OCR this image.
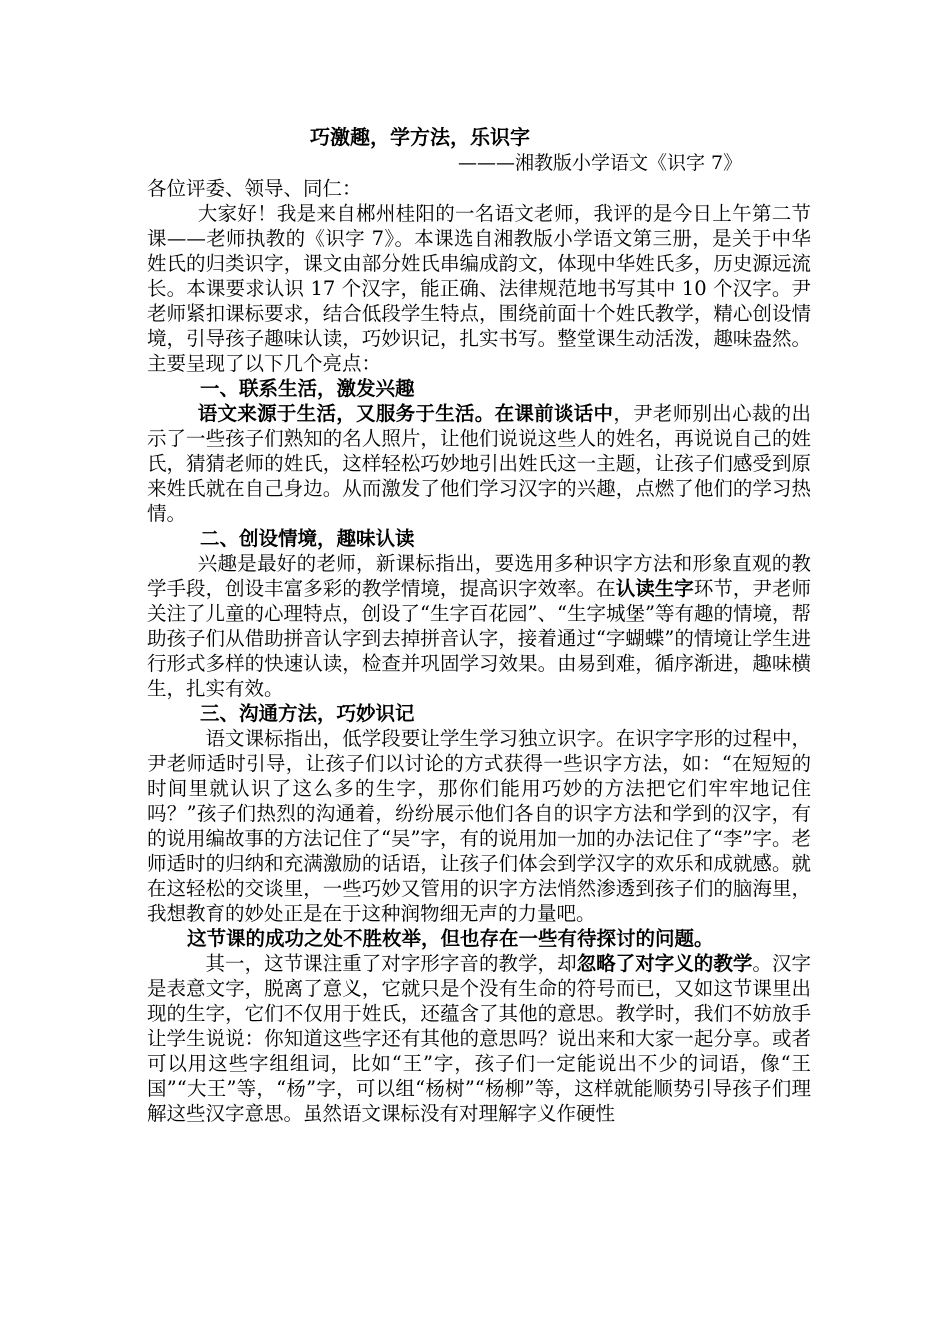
巧激趣，学方法，乐识字
———湘教版小学语文《识字 7》

各位评委、领导、同仁：

大家好！我是来自郴州桂阳的一名语文老师，我评的是今日上午第二节课——老师执教的《识字 7》。本课选自湘教版小学语文第三册，是关于中华姓氏的归类识字，课文由部分姓氏串编成韵文，体现中华姓氏多，历史源远流长。本课要求认识 17 个汉字，能正确、法律规范地书写其中 10 个汉字。尹老师紧扣课标要求，结合低段学生特点，围绕前面十个姓氏教学，精心创设情境，引导孩子趣味认读，巧妙识记，扎实书写。整堂课生动活泼，趣味盎然。主要呈现了以下几个亮点：

一、联系生活，激发兴趣

语文来源于生活，又服务于生活。在课前谈话中，尹老师别出心裁的出示了一些孩子们熟知的名人照片，让他们说说这些人的姓名，再说说自己的姓氏，猜猜老师的姓氏，这样轻松巧妙地引出姓氏这一主题，让孩子们感受到原来姓氏就在自己身边。从而激发了他们学习汉字的兴趣，点燃了他们的学习热情。

二、创设情境，趣味认读

兴趣是最好的老师，新课标指出，要选用多种识字方法和形象直观的教学手段，创设丰富多彩的教学情境，提高识字效率。在认读生字环节，尹老师关注了儿童的心理特点，创设了“生字百花园”、“生字城堡”等有趣的情境，帮助孩子们从借助拼音认字到去掉拼音认字，接着通过“字蝴蝶”的情境让学生进行形式多样的快速认读，检查并巩固学习效果。由易到难，循序渐进，趣味横生，扎实有效。

三、沟通方法，巧妙识记

语文课标指出，低学段要让学生学习独立识字。在识字字形的过程中，尹老师适时引导，让孩子们以讨论的方式获得一些识字方法，如：“在短短的时间里就认识了这么多的生字，那你们能用巧妙的方法把它们牢牢地记住吗？”孩子们热烈的沟通着，纷纷展示他们各自的识字方法和学到的汉字，有的说用编故事的方法记住了“吴”字，有的说用加一加的办法记住了“李”字。老师适时的归纳和充满激励的话语，让孩子们体会到学汉字的欢乐和成就感。就在这轻松的交谈里，一些巧妙又管用的识字方法悄然渗透到孩子们的脑海里，我想教育的妙处正是在于这种润物细无声的力量吧。

这节课的成功之处不胜枚举，但也存在一些有待探讨的问题。

其一，这节课注重了对字形字音的教学，却忽略了对字义的教学。汉字是表意文字，脱离了意义，它就只是个没有生命的符号而已，又如这节课里出现的生字，它们不仅用于姓氏，还蕴含了其他的意思。教学时，我们不妨放手让学生说说：你知道这些字还有其他的意思吗？说出来和大家一起分享。或者可以用这些字组组词，比如“王”字，孩子们一定能说出不少的词语，像“王国”“大王”等，“杨”字，可以组“杨树”“杨柳”等，这样就能顺势引导孩子们理解这些汉字意思。虽然语文课标没有对理解字义作硬性
